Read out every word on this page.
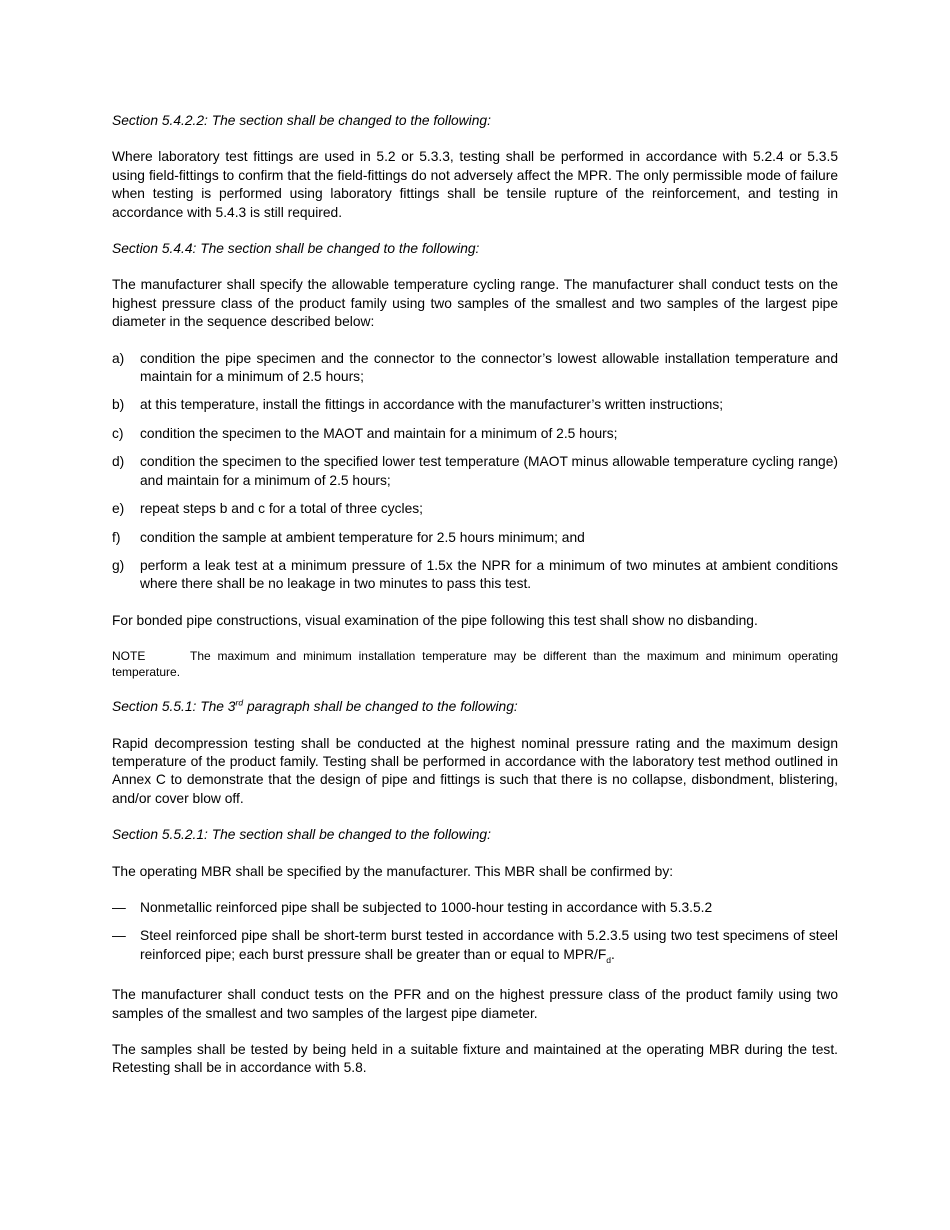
Section 5.4.2.2: The section shall be changed to the following:

Where laboratory test fittings are used in 5.2 or 5.3.3, testing shall be performed in accordance with 5.2.4 or 5.3.5 using field-fittings to confirm that the field-fittings do not adversely affect the MPR. The only permissible mode of failure when testing is performed using laboratory fittings shall be tensile rupture of the reinforcement, and testing in accordance with 5.4.3 is still required.

Section 5.4.4: The section shall be changed to the following:

The manufacturer shall specify the allowable temperature cycling range. The manufacturer shall conduct tests on the highest pressure class of the product family using two samples of the smallest and two samples of the largest pipe diameter in the sequence described below:

a)	condition the pipe specimen and the connector to the connector’s lowest allowable installation temperature and maintain for a minimum of 2.5 hours;
b)	at this temperature, install the fittings in accordance with the manufacturer’s written instructions;
c)	condition the specimen to the MAOT and maintain for a minimum of 2.5 hours;
d)	condition the specimen to the specified lower test temperature (MAOT minus allowable temperature cycling range) and maintain for a minimum of 2.5 hours;
e)	repeat steps b and c for a total of three cycles;
f)	condition the sample at ambient temperature for 2.5 hours minimum; and
g)	perform a leak test at a minimum pressure of 1.5x the NPR for a minimum of two minutes at ambient conditions where there shall be no leakage in two minutes to pass this test.

For bonded pipe constructions, visual examination of the pipe following this test shall show no disbanding.

NOTE	The maximum and minimum installation temperature may be different than the maximum and minimum operating temperature.

Section 5.5.1: The 3rd paragraph shall be changed to the following:

Rapid decompression testing shall be conducted at the highest nominal pressure rating and the maximum design temperature of the product family. Testing shall be performed in accordance with the laboratory test method outlined in Annex C to demonstrate that the design of pipe and fittings is such that there is no collapse, disbondment, blistering, and/or cover blow off.

Section 5.5.2.1: The section shall be changed to the following:

The operating MBR shall be specified by the manufacturer. This MBR shall be confirmed by:

—	Nonmetallic reinforced pipe shall be subjected to 1000-hour testing in accordance with 5.3.5.2
—	Steel reinforced pipe shall be short-term burst tested in accordance with 5.2.3.5 using two test specimens of steel reinforced pipe; each burst pressure shall be greater than or equal to MPR/$F_d$.

The manufacturer shall conduct tests on the PFR and on the highest pressure class of the product family using two samples of the smallest and two samples of the largest pipe diameter.

The samples shall be tested by being held in a suitable fixture and maintained at the operating MBR during the test. Retesting shall be in accordance with 5.8.
